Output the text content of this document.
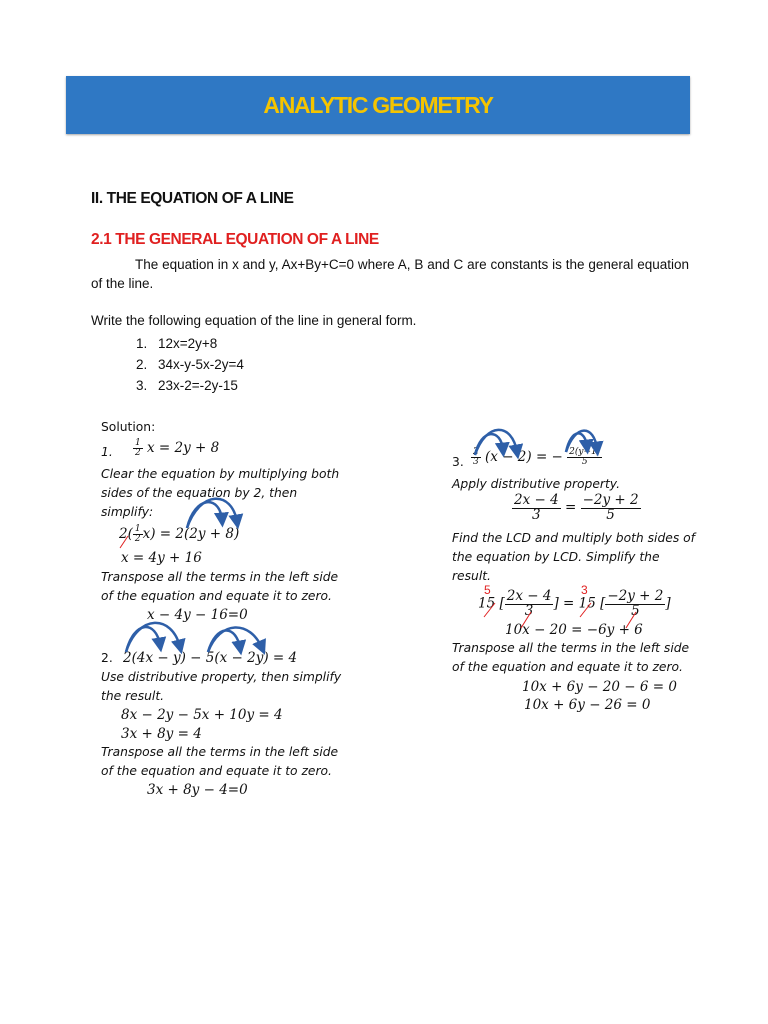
ANALYTIC GEOMETRY
II. THE EQUATION OF A LINE
2.1 THE GENERAL EQUATION OF A LINE
The equation in x and y, Ax+By+C=0 where A, B and C are constants is the general equation of the line.
Write the following equation of the line in general form.
1. 12x=2y+8
2. 34x-y-5x-2y=4
3. 23x-2=-2y-15
Solution:
1. $\frac{1}{2}$ x = 2y + 8
Clear the equation by multiplying both
sides of the equation by 2, then
simplify:
$2( \frac{1}{2} x) = 2(2y + 8)$
x = 4y + 16
Transpose all the terms in the left side
of the equation and equate it to zero.
x − 4y − 16=0
2. 2(4x − y) − 5(x − 2y) = 4
Use distributive property, then simplify
the result.
8x − 2y − 5x + 10y = 4
3x + 8y = 4
Transpose all the terms in the left side
of the equation and equate it to zero.
3x + 8y − 4=0
3. $\frac{2}{3} (x - 2)$ = − $\frac{2(y-1)}{5}$
Apply distributive property.
$\frac{2x - 4}{3} = \frac{-2y + 2}{5}$
Find the LCD and multiply both sides of
the equation by LCD. Simplify the
result.
5	3
15 [ $\frac{2x - 4}{3}$ ] = 15 [ $\frac{-2y + 2}{5}$ ]
10x − 20 = −6y + 6
Transpose all the terms in the left side
of the equation and equate it to zero.
10x + 6y − 20 − 6 = 0
10x + 6y − 26 = 0
